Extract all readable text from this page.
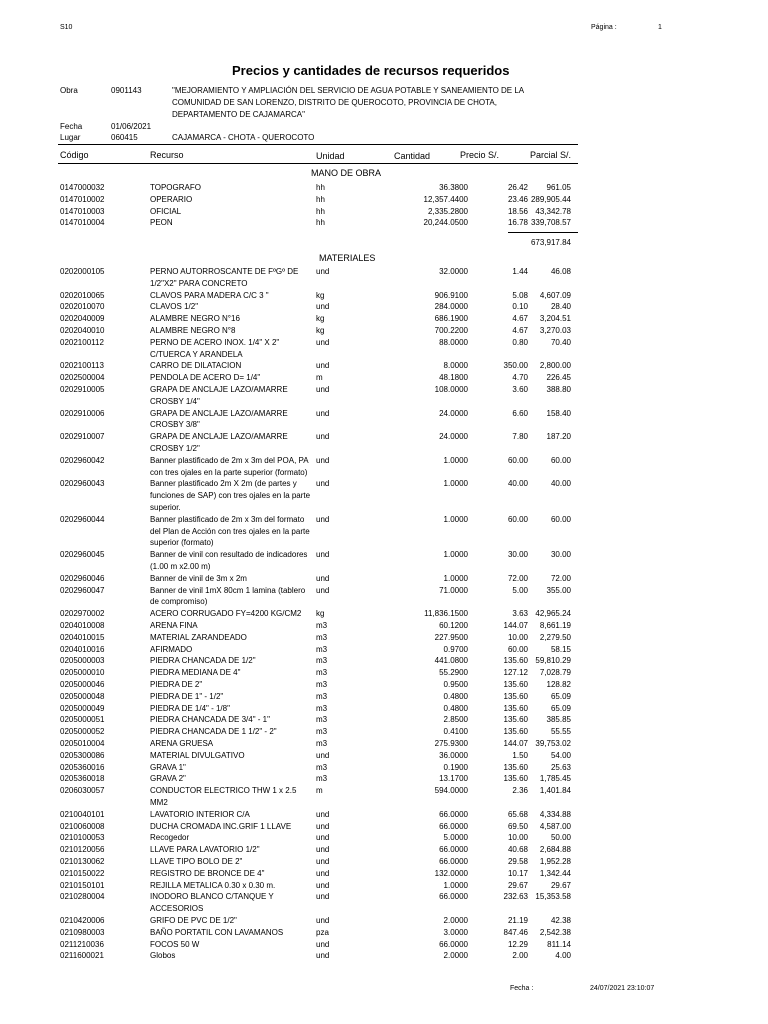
S10	Página :	1
Precios y cantidades de recursos requeridos
Obra	0901143	"MEJORAMIENTO Y AMPLIACIÓN DEL SERVICIO DE AGUA POTABLE Y SANEAMIENTO DE LA
COMUNIDAD DE SAN LORENZO, DISTRITO DE QUEROCOTO, PROVINCIA DE CHOTA,
DEPARTAMENTO DE CAJAMARCA"
Fecha	01/06/2021
Lugar	060415	CAJAMARCA - CHOTA - QUEROCOTO
Código	Recurso	Unidad	Cantidad	Precio S/.	Parcial S/.
MANO DE OBRA
0147000032	TOPOGRAFO	hh	36.3800	26.42	961.05
0147010002	OPERARIO	hh	12,357.4400	23.46 289,905.44
0147010003	OFICIAL	hh	2,335.2800	18.56 43,342.78
0147010004	PEON	hh	20,244.0500	16.78 339,708.57
673,917.84
MATERIALES
0202000105	PERNO AUTORROSCANTE DE FºGº DE
1/2"X2" PARA CONCRETO
und	32.0000	1.44	46.08
0202010065	CLAVOS PARA MADERA C/C 3 "	kg	906.9100	5.08	4,607.09
0202010070	CLAVOS 1/2"	und	284.0000	0.10	28.40
0202040009	ALAMBRE NEGRO N°16	kg	686.1900	4.67	3,204.51
0202040010	ALAMBRE NEGRO N°8	kg	700.2200	4.67	3,270.03
0202100112	PERNO DE ACERO INOX. 1/4" X 2"
C/TUERCA Y ARANDELA
und	88.0000	0.80	70.40
0202100113	CARRO DE DILATACION	und	8.0000	350.00	2,800.00
0202500004	PENDOLA DE ACERO D= 1/4"	m	48.1800	4.70	226.45
0202910005	GRAPA DE ANCLAJE LAZO/AMARRE
CROSBY 1/4"
und	108.0000	3.60	388.80
0202910006	GRAPA DE ANCLAJE LAZO/AMARRE
CROSBY 3/8"
und	24.0000	6.60	158.40
0202910007	GRAPA DE ANCLAJE LAZO/AMARRE
CROSBY 1/2"
und	24.0000	7.80	187.20
0202960042	Banner plastificado de 2m x 3m del POA, PA
con tres ojales en la parte superior (formato)
und	1.0000	60.00	60.00
0202960043	Banner plastificado 2m X 2m (de partes y
funciones de SAP) con tres ojales en la parte
superior.
und	1.0000	40.00	40.00
0202960044	Banner plastificado de 2m x 3m del formato
del Plan de Acción con tres ojales en la parte
superior (formato)
und	1.0000	60.00	60.00
0202960045	Banner de vinil con resultado de indicadores
(1.00 m x2.00 m)
und	1.0000	30.00	30.00
0202960046	Banner de vinil de 3m x 2m	und	1.0000	72.00	72.00
0202960047	Banner de vinil 1mX 80cm 1 lamina (tablero
de compromiso)
und	71.0000	5.00	355.00
0202970002	ACERO CORRUGADO FY=4200 KG/CM2 kg	11,836.1500	3.63 42,965.24
0204010008	ARENA FINA	m3	60.1200	144.07	8,661.19
0204010015	MATERIAL ZARANDEADO	m3	227.9500	10.00	2,279.50
0204010016	AFIRMADO	m3	0.9700	60.00	58.15
0205000003	PIEDRA CHANCADA DE 1/2"	m3	441.0800	135.60 59,810.29
0205000010	PIEDRA MEDIANA DE 4"	m3	55.2900	127.12	7,028.79
0205000046	PIEDRA DE 2"	m3	0.9500	135.60	128.82
0205000048	PIEDRA DE 1" - 1/2"	m3	0.4800	135.60	65.09
0205000049	PIEDRA DE 1/4" - 1/8"	m3	0.4800	135.60	65.09
0205000051	PIEDRA CHANCADA DE 3/4" - 1"	m3	2.8500	135.60	385.85
0205000052	PIEDRA CHANCADA DE 1 1/2" - 2"	m3	0.4100	135.60	55.55
0205010004	ARENA GRUESA	m3	275.9300	144.07 39,753.02
0205300086	MATERIAL DIVULGATIVO	und	36.0000	1.50	54.00
0205360016	GRAVA 1"	m3	0.1900	135.60	25.63
0205360018	GRAVA 2"	m3	13.1700	135.60	1,785.45
0206030057	CONDUCTOR ELECTRICO THW 1 x 2.5
MM2
m	594.0000	2.36	1,401.84
0210040101	LAVATORIO INTERIOR C/A	und	66.0000	65.68	4,334.88
0210060008	DUCHA CROMADA INC.GRIF 1 LLAVE	und	66.0000	69.50	4,587.00
0210100053	Recogedor	und	5.0000	10.00	50.00
0210120056	LLAVE PARA LAVATORIO 1/2"	und	66.0000	40.68	2,684.88
0210130062	LLAVE TIPO BOLO DE 2"	und	66.0000	29.58	1,952.28
0210150022	REGISTRO DE BRONCE DE 4"	und	132.0000	10.17	1,342.44
0210150101	REJILLA METALICA 0.30 x 0.30 m.	und	1.0000	29.67	29.67
0210280004	INODORO BLANCO C/TANQUE Y
ACCESORIOS
und	66.0000	232.63 15,353.58
0210420006	GRIFO DE PVC DE 1/2"	und	2.0000	21.19	42.38
0210980003	BAÑO PORTATIL CON LAVAMANOS	pza	3.0000	847.46	2,542.38
0211210036	FOCOS 50 W	und	66.0000	12.29	811.14
0211600021	Globos	und	2.0000	2.00	4.00
Fecha :	24/07/2021 23:10:07
